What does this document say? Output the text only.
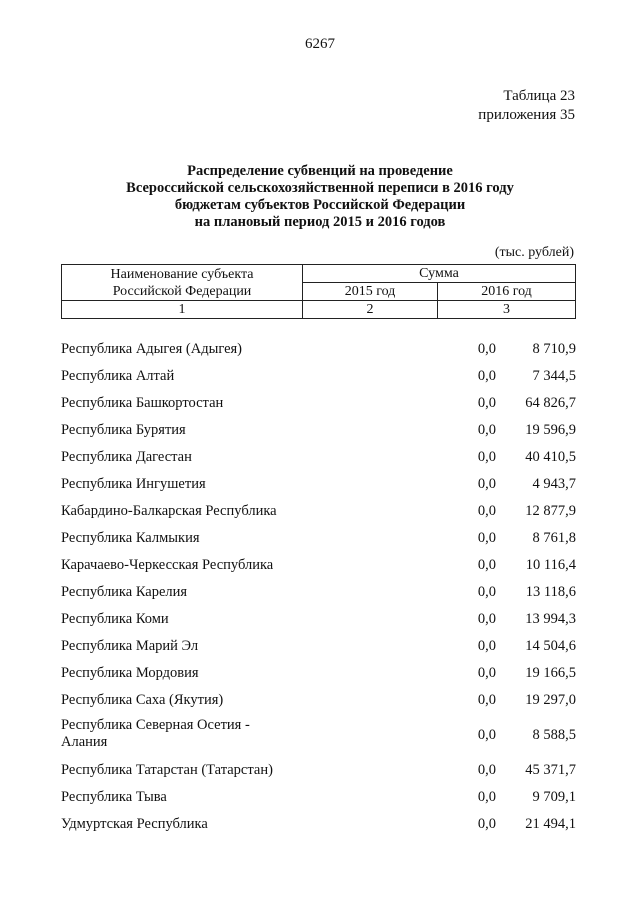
6267
Таблица 23
приложения 35
Распределение субвенций на проведение
Всероссийской сельскохозяйственной переписи в 2016 году
бюджетам субъектов Российской Федерации
на плановый период 2015 и 2016 годов
(тыс. рублей)
Наименование субъекта
Российской Федерации	Сумма	
	2015 год	2016 год
1	2	3
Республика Адыгея (Адыгея)	0,0	8 710,9
Республика Алтай	0,0	7 344,5
Республика Башкортостан	0,0	64 826,7
Республика Бурятия	0,0	19 596,9
Республика Дагестан	0,0	40 410,5
Республика Ингушетия	0,0	4 943,7
Кабардино-Балкарская Республика	0,0	12 877,9
Республика Калмыкия	0,0	8 761,8
Карачаево-Черкесская Республика	0,0	10 116,4
Республика Карелия	0,0	13 118,6
Республика Коми	0,0	13 994,3
Республика Марий Эл	0,0	14 504,6
Республика Мордовия	0,0	19 166,5
Республика Саха (Якутия)	0,0	19 297,0

Республика Северная Осетия - Алания	0,0	8 588,5
Республика Татарстан (Татарстан)	0,0	45 371,7
Республика Тыва	0,0	9 709,1
Удмуртская Республика	0,0	21 494,1
